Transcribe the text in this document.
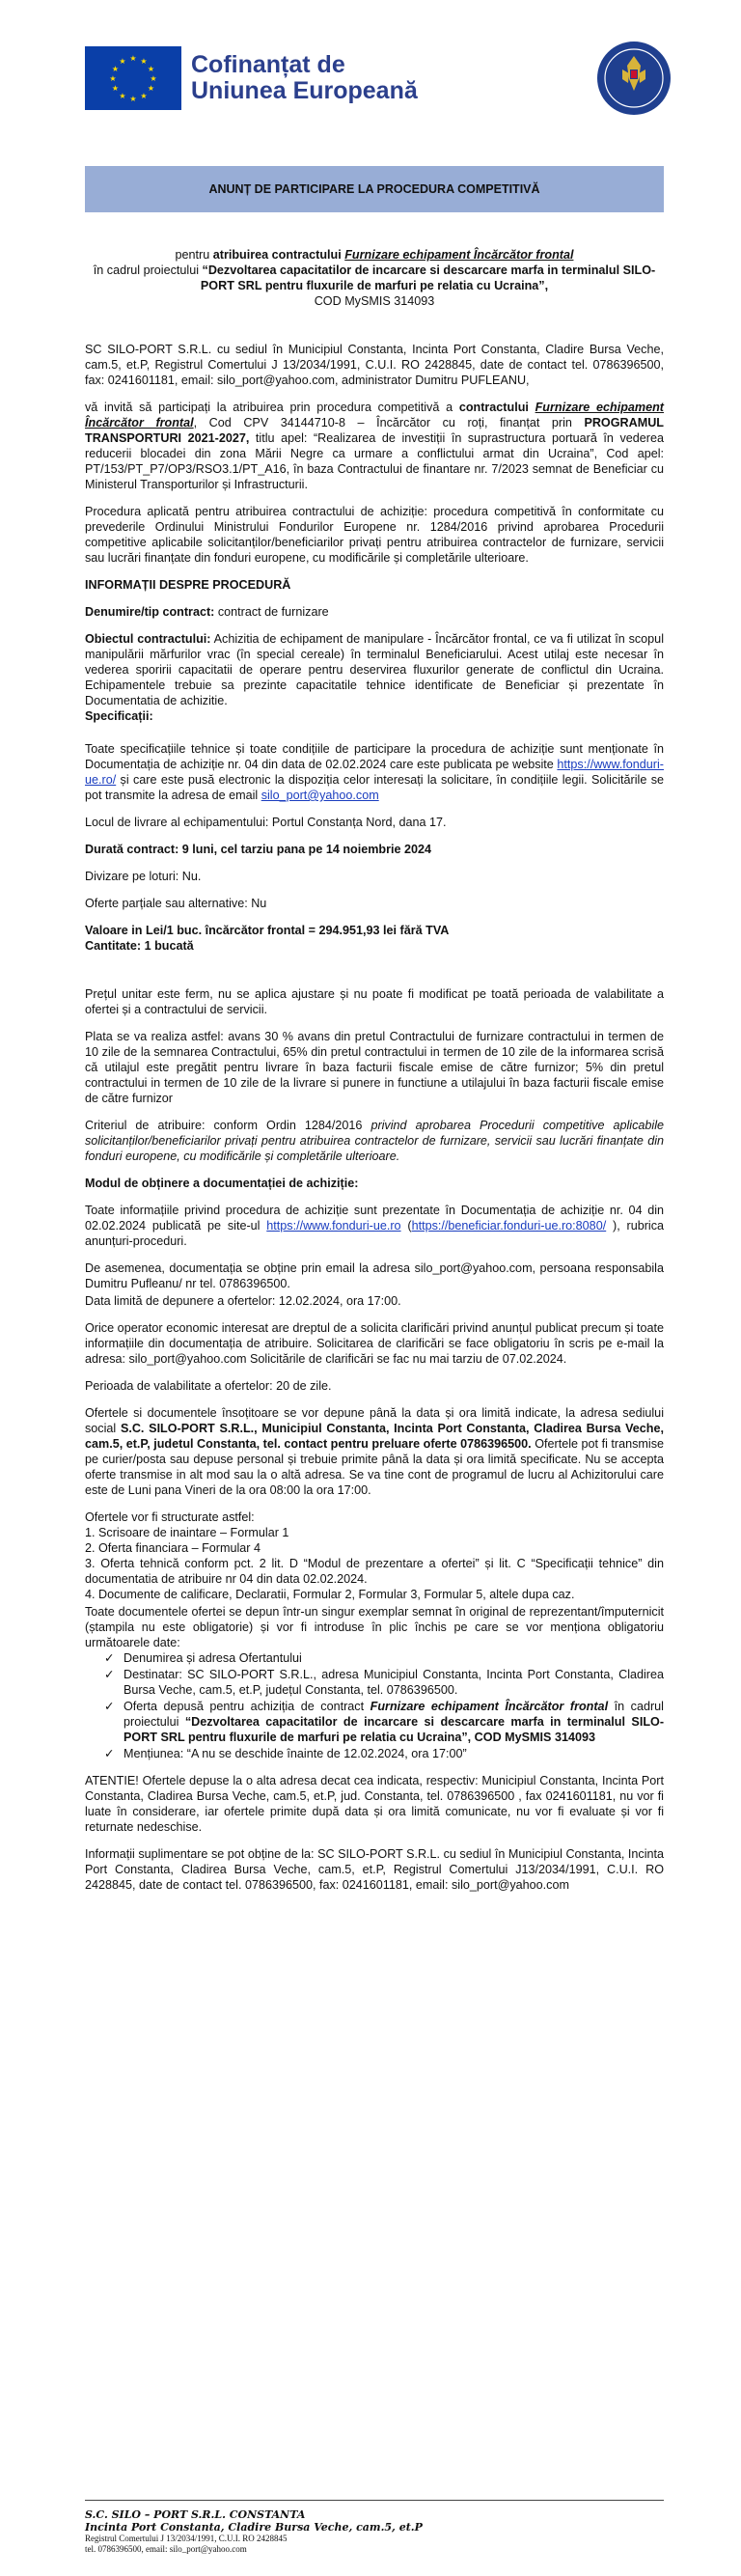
★ ★
★
★
★
★
★
★
★
★
★
★	Cofinanțat de
Uniunea Europeană
ANUNȚ DE PARTICIPARE LA PROCEDURA COMPETITIVĂ

pentru atribuirea contractului Furnizare echipament Încărcător frontal
în cadrul proiectului “Dezvoltarea capacitatilor de incarcare si descarcare marfa in terminalul SILO-PORT SRL pentru fluxurile de marfuri pe relatia cu Ucraina”,
COD MySMIS 314093

SC SILO-PORT S.R.L. cu sediul în Municipiul Constanta, Incinta Port Constanta, Cladire Bursa Veche, cam.5, et.P, Registrul Comertului J 13/2034/1991, C.U.I. RO 2428845, date de contact tel. 0786396500, fax: 0241601181, email: silo_port@yahoo.com, administrator Dumitru PUFLEANU,

vă invită să participați la atribuirea prin procedura competitivă a contractului Furnizare echipament Încărcător frontal, Cod CPV 34144710-8 – Încărcător cu roți, finanțat prin PROGRAMUL TRANSPORTURI 2021-2027, titlu apel: “Realizarea de investiții în suprastructura portuară în vederea reducerii blocadei din zona Mării Negre ca urmare a conflictului armat din Ucraina”, Cod apel: PT/153/PT_P7/OP3/RSO3.1/PT_A16, în baza Contractului de finantare nr. 7/2023 semnat de Beneficiar cu Ministerul Transporturilor și Infrastructurii.

Procedura aplicată pentru atribuirea contractului de achiziție: procedura competitivă în conformitate cu prevederile Ordinului Ministrului Fondurilor Europene nr. 1284/2016 privind aprobarea Procedurii competitive aplicabile solicitanților/beneficiarilor privați pentru atribuirea contractelor de furnizare, servicii sau lucrări finanțate din fonduri europene, cu modificările și completările ulterioare.

INFORMAȚII DESPRE PROCEDURĂ

Denumire/tip contract: contract de furnizare

Obiectul contractului: Achizitia de echipament de manipulare - Încărcător frontal, ce va fi utilizat în scopul manipulării mărfurilor vrac (în special cereale) în terminalul Beneficiarului. Acest utilaj este necesar în vederea sporirii capacitatii de operare pentru deservirea fluxurilor generate de conflictul din Ucraina. Echipamentele trebuie sa prezinte capacitatile tehnice identificate de Beneficiar și prezentate în Documentatia de achizitie.

Specificații:

Toate specificațiile tehnice și toate condițiile de participare la procedura de achiziție sunt menționate în Documentația de achiziție nr. 04 din data de 02.02.2024 care este publicata pe website https://www.fonduri-ue.ro/ și care este pusă electronic la dispoziția celor interesați la solicitare, în condițiile legii. Solicitările se pot transmite la adresa de email silo_port@yahoo.com

Locul de livrare al echipamentului: Portul Constanța Nord, dana 17.

Durată contract: 9 luni, cel tarziu pana pe 14 noiembrie 2024

Divizare pe loturi: Nu.

Oferte parțiale sau alternative: Nu

Valoare in Lei/1 buc. încărcător frontal = 294.951,93 lei fără TVA

Cantitate: 1 bucată

Prețul unitar este ferm, nu se aplica ajustare și nu poate fi modificat pe toată perioada de valabilitate a ofertei și a contractului de servicii.

Plata se va realiza astfel: avans 30 % avans din pretul Contractului de furnizare contractului in termen de 10 zile de la semnarea Contractului, 65% din pretul contractului in termen de 10 zile de la informarea scrisă că utilajul este pregătit pentru livrare în baza facturii fiscale emise de către furnizor; 5% din pretul contractului in termen de 10 zile de la livrare si punere in functiune a utilajului în baza facturii fiscale emise de către furnizor

Criteriul de atribuire: conform Ordin 1284/2016 privind aprobarea Procedurii competitive aplicabile solicitanților/beneficiarilor privați pentru atribuirea contractelor de furnizare, servicii sau lucrări finanțate din fonduri europene, cu modificările și completările ulterioare.

Modul de obținere a documentației de achiziție:

Toate informațiile privind procedura de achiziție sunt prezentate în Documentația de achiziție nr. 04 din 02.02.2024 publicată pe site-ul https://www.fonduri-ue.ro (https://beneficiar.fonduri-ue.ro:8080/ ), rubrica anunțuri-proceduri.

De asemenea, documentația se obține prin email la adresa silo_port@yahoo.com, persoana responsabila Dumitru Pufleanu/ nr tel. 0786396500.

Data limită de depunere a ofertelor: 12.02.2024, ora 17:00.

Orice operator economic interesat are dreptul de a solicita clarificări privind anunțul publicat precum și toate informațiile din documentația de atribuire. Solicitarea de clarificări se face obligatoriu în scris pe e-mail la adresa: silo_port@yahoo.com Solicitările de clarificări se fac nu mai tarziu de 07.02.2024.

Perioada de valabilitate a ofertelor: 20 de zile.

Ofertele si documentele însoțitoare se vor depune până la data și ora limită indicate, la adresa sediului social S.C. SILO-PORT S.R.L., Municipiul Constanta, Incinta Port Constanta, Cladirea Bursa Veche, cam.5, et.P, judetul Constanta, tel. contact pentru preluare oferte 0786396500. Ofertele pot fi transmise pe curier/posta sau depuse personal și trebuie primite până la data și ora limită specificate. Nu se accepta oferte transmise in alt mod sau la o altă adresa. Se va tine cont de programul de lucru al Achizitorului care este de Luni pana Vineri de la ora 08:00 la ora 17:00.

Ofertele vor fi structurate astfel:

1. Scrisoare de inaintare – Formular 1
2. Oferta financiara – Formular 4
3. Oferta tehnică conform pct. 2 lit. D “Modul de prezentare a ofertei” și lit. C “Specificații tehnice” din documentatia de atribuire nr 04 din data 02.02.2024.
4. Documente de calificare, Declaratii, Formular 2, Formular 3, Formular 5, altele dupa caz.

Toate documentele ofertei se depun într-un singur exemplar semnat în original de reprezentant/împuternicit (ștampila nu este obligatorie) și vor fi introduse în plic închis pe care se vor menționa obligatoriu următoarele date:

✓ Denumirea și adresa Ofertantului
✓ Destinatar: SC SILO-PORT S.R.L., adresa Municipiul Constanta, Incinta Port Constanta, Cladirea Bursa Veche, cam.5, et.P, județul Constanta, tel. 0786396500.
✓ Oferta depusă pentru achiziția de contract Furnizare echipament Încărcător frontal în cadrul proiectului “Dezvoltarea capacitatilor de incarcare si descarcare marfa in terminalul SILO-PORT SRL pentru fluxurile de marfuri pe relatia cu Ucraina”, COD MySMIS 314093
✓ Mențiunea: “A nu se deschide înainte de 12.02.2024, ora 17:00”

ATENTIE! Ofertele depuse la o alta adresa decat cea indicata, respectiv: Municipiul Constanta, Incinta Port Constanta, Cladirea Bursa Veche, cam.5, et.P, jud. Constanta, tel. 0786396500 , fax 0241601181, nu vor fi luate în considerare, iar ofertele primite după data și ora limită comunicate, nu vor fi evaluate și vor fi returnate nedeschise.

Informații suplimentare se pot obține de la: SC SILO-PORT S.R.L. cu sediul în Municipiul Constanta, Incinta Port Constanta, Cladirea Bursa Veche, cam.5, et.P, Registrul Comertului J13/2034/1991, C.U.I. RO 2428845, date de contact tel. 0786396500, fax: 0241601181, email: silo_port@yahoo.com

S.C. SILO – PORT S.R.L. CONSTANTA
Incinta Port Constanta, Cladire Bursa Veche, cam.5, et.P
Registrul Comertului J 13/2034/1991, C.U.I. RO 2428845
tel. 0786396500, email: silo_port@yahoo.com
